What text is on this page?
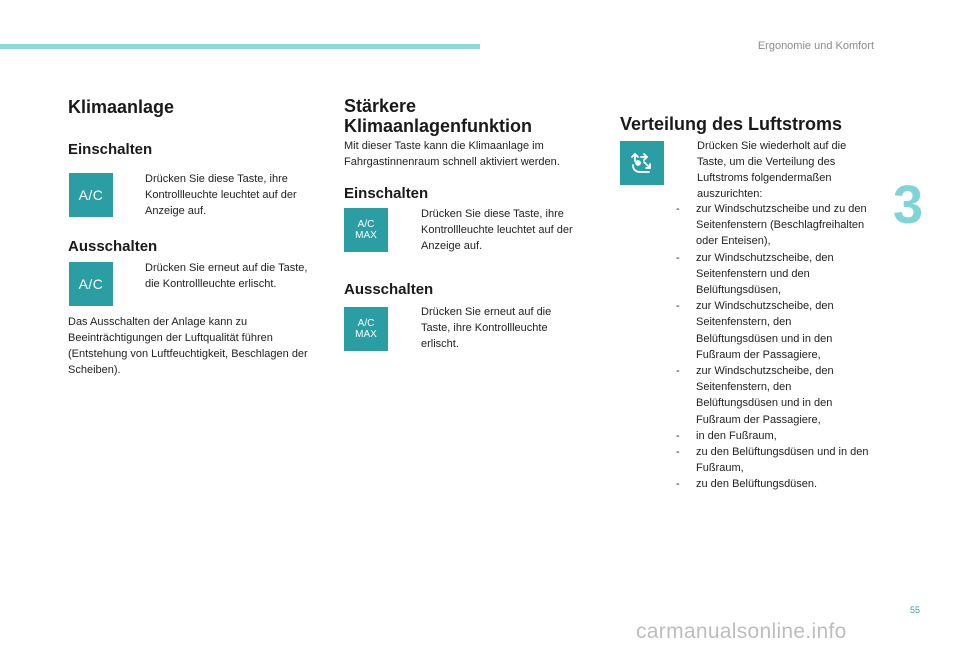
Ergonomie und Komfort
3
55
carmanualsonline.info
Klimaanlage
Einschalten
A/C
Drücken Sie diese Taste, ihre Kontrollleuchte leuchtet auf der Anzeige auf.
Ausschalten
A/C
Drücken Sie erneut auf die Taste, die Kontrollleuchte erlischt.
Das Ausschalten der Anlage kann zu Beeinträchtigungen der Luftqualität führen (Entstehung von Luftfeuchtigkeit, Beschlagen der Scheiben).
Stärkere
Klimaanlagenfunktion
Mit dieser Taste kann die Klimaanlage im Fahrgastinnenraum schnell aktiviert werden.
Einschalten
A/C
MAX
Drücken Sie diese Taste, ihre Kontrollleuchte leuchtet auf der Anzeige auf.
Ausschalten
A/C
MAX
Drücken Sie erneut auf die Taste, ihre Kontrollleuchte erlischt.
Verteilung des Luftstroms
Drücken Sie wiederholt auf die Taste, um die Verteilung des Luftstroms folgendermaßen auszurichten:
- zur Windschutzscheibe und zu den Seitenfenstern (Beschlagfreihalten oder Enteisen),
- zur Windschutzscheibe, den Seitenfenstern und den Belüftungsdüsen,
- zur Windschutzscheibe, den Seitenfenstern, den Belüftungsdüsen und in den Fußraum der Passagiere,
- zur Windschutzscheibe, den Seitenfenstern, den Belüftungsdüsen und in den Fußraum der Passagiere,
- in den Fußraum,
- zu den Belüftungsdüsen und in den Fußraum,
- zu den Belüftungsdüsen.
